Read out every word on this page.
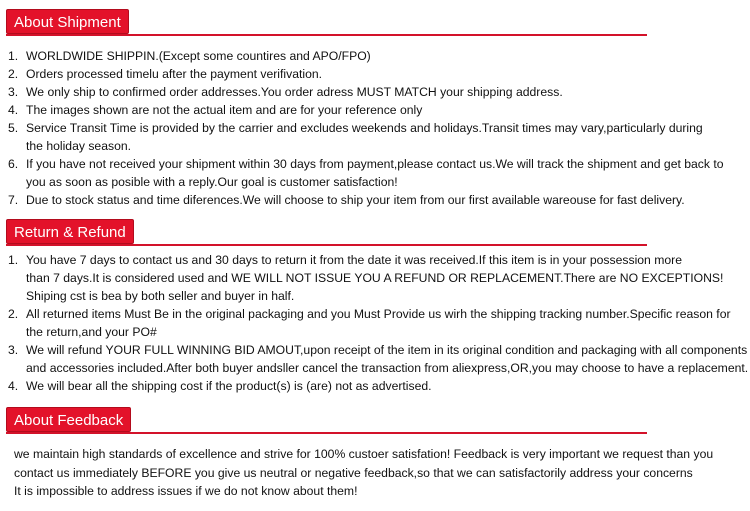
About Shipment
1. WORLDWIDE SHIPPIN.(Except some countires and APO/FPO)
2. Orders processed timelu after the payment verifivation.
3. We only ship to confirmed order addresses.You order adress MUST MATCH your shipping address.
4. The images shown are not the actual item and are for your reference only
5. Service Transit Time is provided by the carrier and excludes weekends and holidays.Transit times may vary,particularly during
the holiday season.
6. If you have not received your shipment within 30 days from payment,please contact us.We will track the shipment and get back to
you as soon as posible with a reply.Our goal is customer satisfaction!
7. Due to stock status and time diferences.We will choose to ship your item from our first available wareouse for fast delivery.
Return & Refund
1. You have 7 days to contact us and 30 days to return it from the date it was received.If this item is in your possession more
than 7 days.It is considered used and WE WILL NOT ISSUE YOU A REFUND OR REPLACEMENT.There are NO EXCEPTIONS!
Shiping cst is bea by both seller and buyer in half.
2. All returned items Must Be in the original packaging and you Must Provide us wirh the shipping tracking number.Specific reason for
the return,and your PO#
3. We will refund YOUR FULL WINNING BID AMOUT,upon receipt of the item in its original condition and packaging with all components
and accessories included.After both buyer andsller cancel the transaction from aliexpress,OR,you may choose to have a replacement.
4. We will bear all the shipping cost if the product(s) is (are) not as advertised.
About Feedback
we maintain high standards of excellence and strive for 100% custoer satisfation! Feedback is very important we request than you
contact us immediately BEFORE you give us neutral or negative feedback,so that we can satisfactorily address your concerns
It is impossible to address issues if we do not know about them!
